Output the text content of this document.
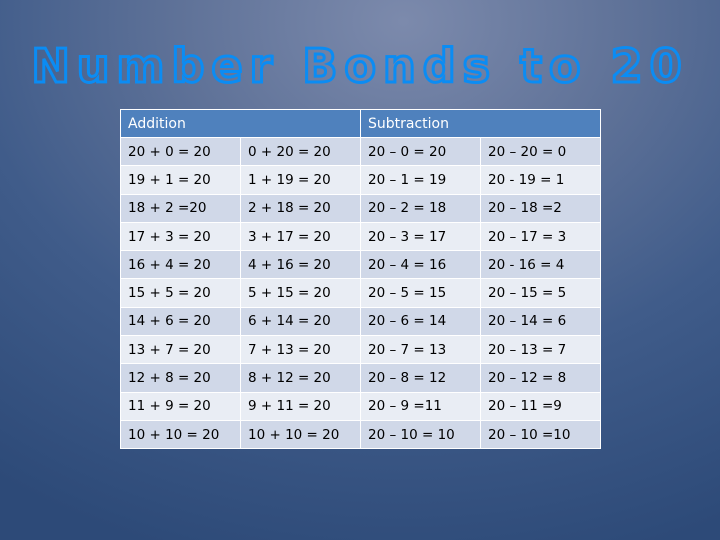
Number Bonds to 20
Addition		Subtraction	
20 + 0 = 20	0 + 20 = 20	20 – 0 = 20	20 – 20 = 0
19 + 1 = 20	1 + 19 = 20	20 – 1 = 19	20 - 19 = 1
18 + 2 =20	2 + 18 = 20	20 – 2 = 18	20 – 18 =2
17 + 3 = 20	3 + 17 = 20	20 – 3 = 17	20 – 17 = 3
16 + 4 = 20	4 + 16 = 20	20 – 4 = 16	20 - 16 = 4
15 + 5 = 20	5 + 15 = 20	20 – 5 = 15	20 – 15 = 5
14 + 6 = 20	6 + 14 = 20	20 – 6 = 14	20 – 14 = 6
13 + 7 = 20	7 + 13 = 20	20 – 7 = 13	20 – 13 = 7
12 + 8 = 20	8 + 12 = 20	20 – 8 = 12	20 – 12 = 8
11 + 9 = 20	9 + 11 = 20	20 – 9 =11	20 – 11 =9
10 + 10 = 20	10 + 10 = 20	20 – 10 = 10	20 – 10 =10
